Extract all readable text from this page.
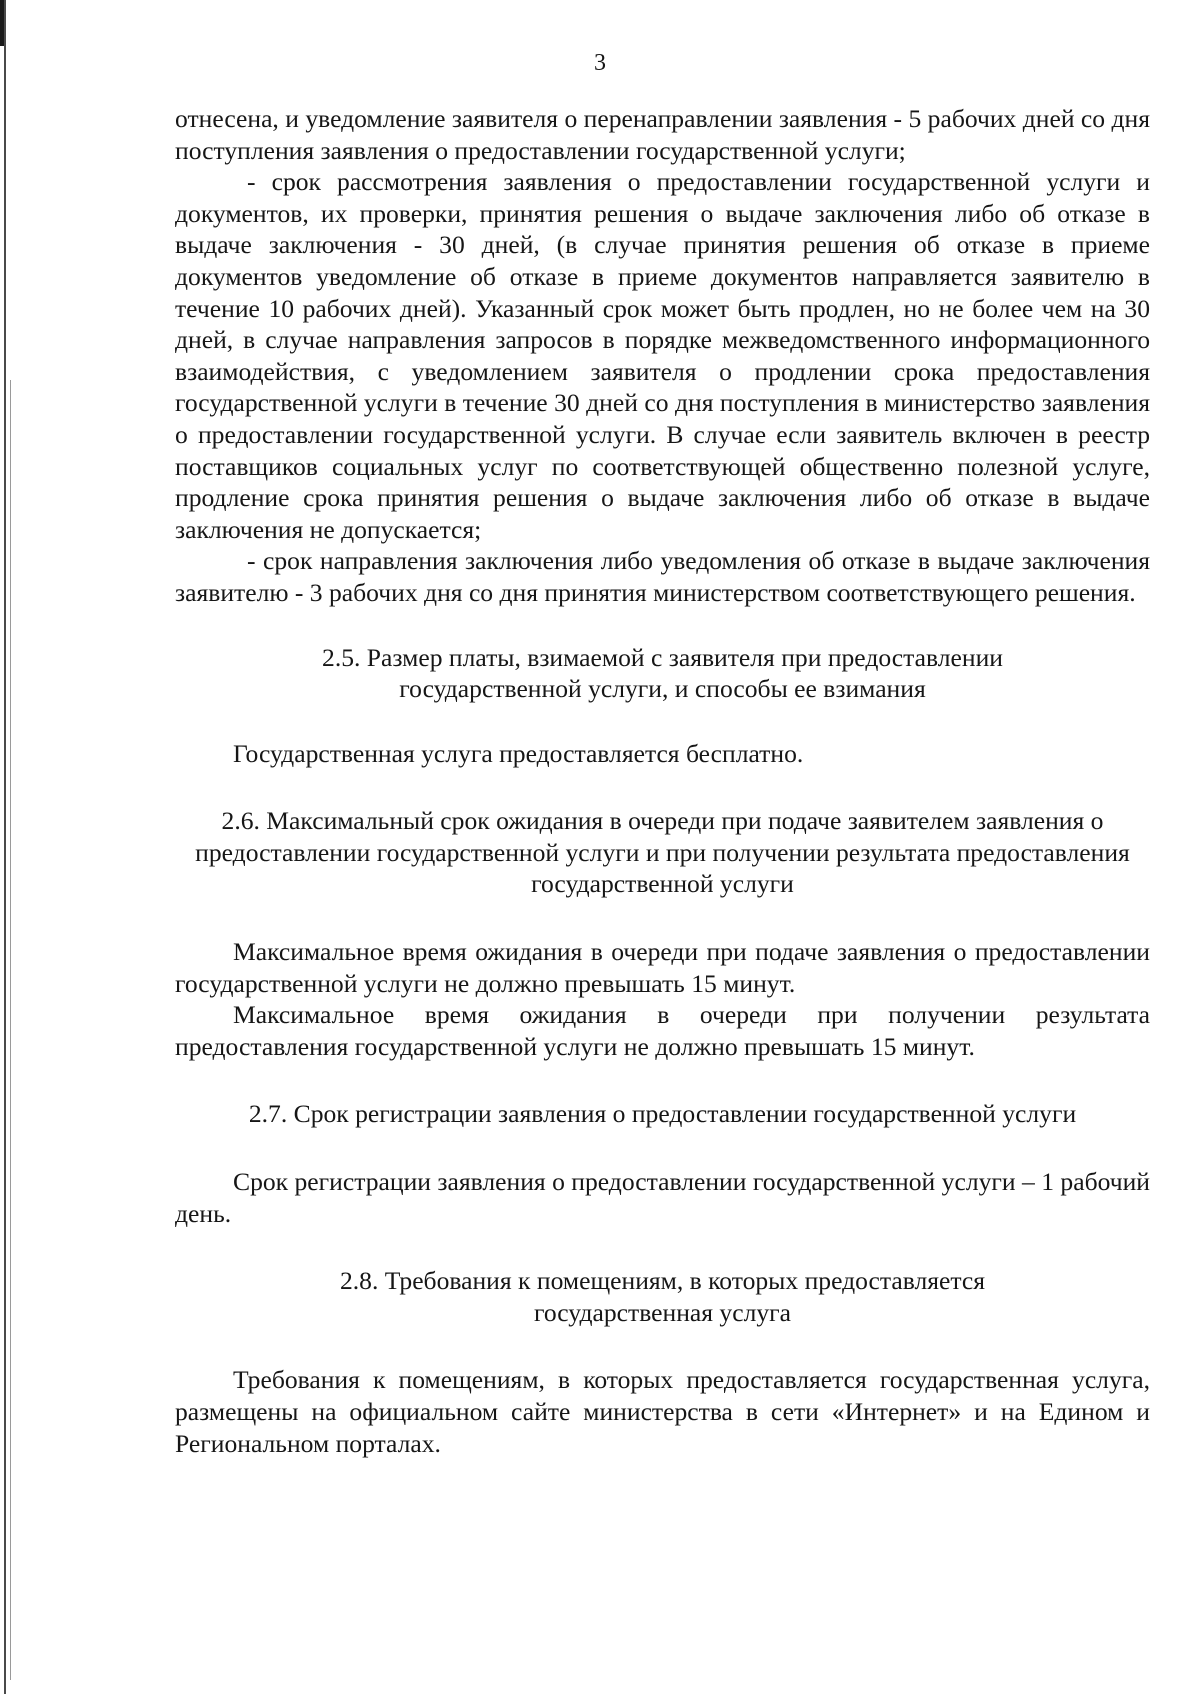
3

отнесена, и уведомление заявителя о перенаправлении заявления - 5 рабочих дней со дня поступления заявления о предоставлении государственной услуги;

- срок рассмотрения заявления о предоставлении государственной услуги и документов, их проверки, принятия решения о выдаче заключения либо об отказе в выдаче заключения - 30 дней, (в случае принятия решения об отказе в приеме документов уведомление об отказе в приеме документов направляется заявителю в течение 10 рабочих дней). Указанный срок может быть продлен, но не более чем на 30 дней, в случае направления запросов в порядке межведомственного информационного взаимодействия, с уведомлением заявителя о продлении срока предоставления государственной услуги в течение 30 дней со дня поступления в министерство заявления о предоставлении государственной услуги. В случае если заявитель включен в реестр поставщиков социальных услуг по соответствующей общественно полезной услуге, продление срока принятия решения о выдаче заключения либо об отказе в выдаче заключения не допускается;

- срок направления заключения либо уведомления об отказе в выдаче заключения заявителю - 3 рабочих дня со дня принятия министерством соответствующего решения.

2.5. Размер платы, взимаемой с заявителя при предоставлении государственной услуги, и способы ее взимания

Государственная услуга предоставляется бесплатно.

2.6. Максимальный срок ожидания в очереди при подаче заявителем заявления о предоставлении государственной услуги и при получении результата предоставления государственной услуги

Максимальное время ожидания в очереди при подаче заявления о предоставлении государственной услуги не должно превышать 15 минут.

Максимальное время ожидания в очереди при получении результата предоставления государственной услуги не должно превышать 15 минут.

2.7. Срок регистрации заявления о предоставлении государственной услуги

Срок регистрации заявления о предоставлении государственной услуги – 1 рабочий день.

2.8. Требования к помещениям, в которых предоставляется государственная услуга

Требования к помещениям, в которых предоставляется государственная услуга, размещены на официальном сайте министерства в сети «Интернет» и на Едином и Региональном порталах.
